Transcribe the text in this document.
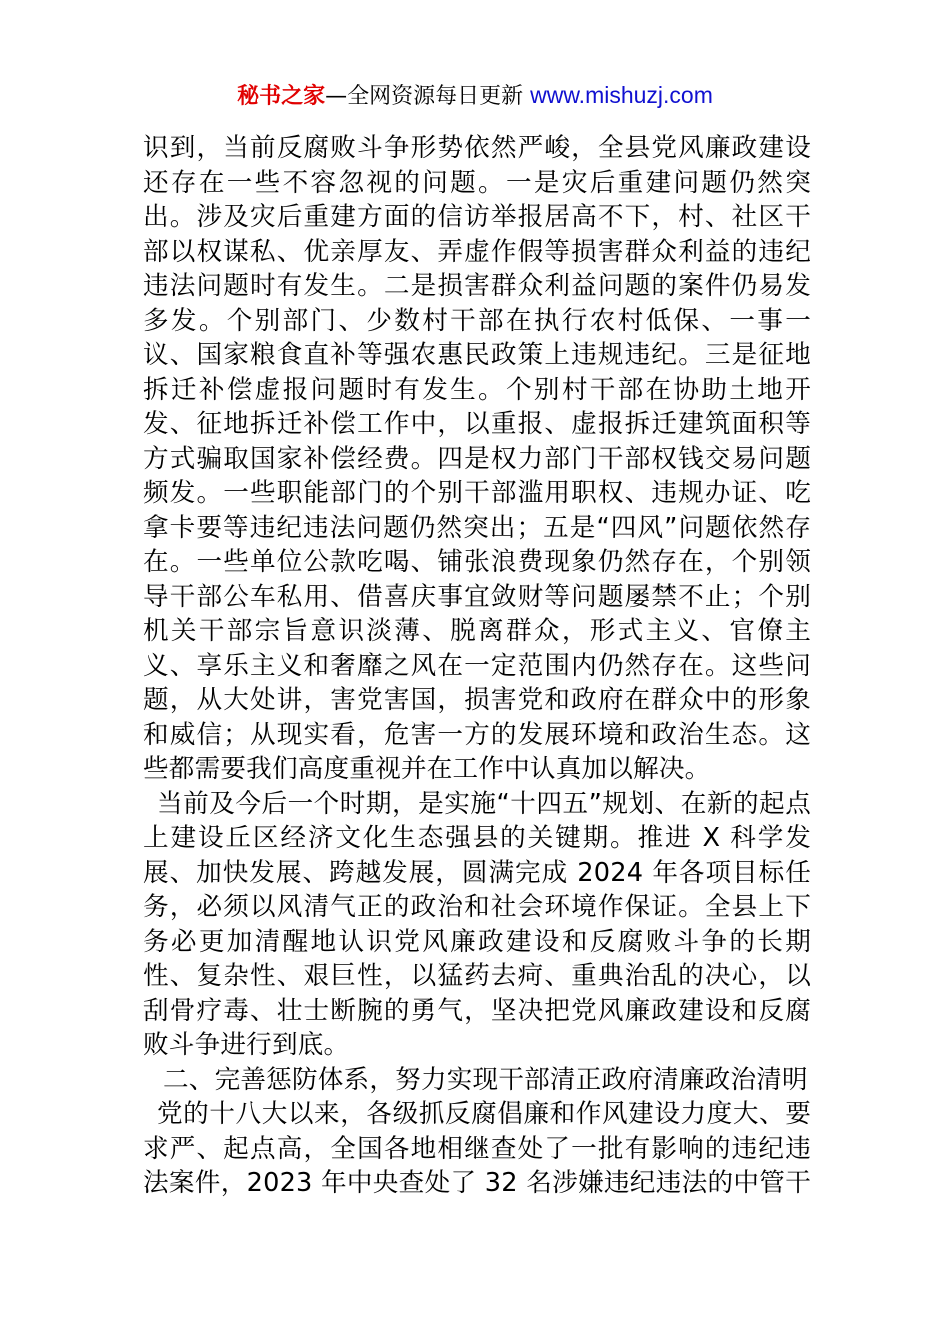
秘书之家—全网资源每日更新 www.mishuzj.com
识到，当前反腐败斗争形势依然严峻，全县党风廉政建设
还存在一些不容忽视的问题。一是灾后重建问题仍然突
出。涉及灾后重建方面的信访举报居高不下，村、社区干
部以权谋私、优亲厚友、弄虚作假等损害群众利益的违纪
违法问题时有发生。二是损害群众利益问题的案件仍易发
多发。个别部门、少数村干部在执行农村低保、一事一
议、国家粮食直补等强农惠民政策上违规违纪。三是征地
拆迁补偿虚报问题时有发生。个别村干部在协助土地开
发、征地拆迁补偿工作中，以重报、虚报拆迁建筑面积等
方式骗取国家补偿经费。四是权力部门干部权钱交易问题
频发。一些职能部门的个别干部滥用职权、违规办证、吃
拿卡要等违纪违法问题仍然突出；五是“四风”问题依然存
在。一些单位公款吃喝、铺张浪费现象仍然存在，个别领
导干部公车私用、借喜庆事宜敛财等问题屡禁不止；个别
机关干部宗旨意识淡薄、脱离群众，形式主义、官僚主
义、享乐主义和奢靡之风在一定范围内仍然存在。这些问
题，从大处讲，害党害国，损害党和政府在群众中的形象
和威信；从现实看，危害一方的发展环境和政治生态。这
些都需要我们高度重视并在工作中认真加以解决。
当前及今后一个时期，是实施“十四五”规划、在新的起点
上建设丘区经济文化生态强县的关键期。推进 X 科学发
展、加快发展、跨越发展，圆满完成 2024 年各项目标任
务，必须以风清气正的政治和社会环境作保证。全县上下
务必更加清醒地认识党风廉政建设和反腐败斗争的长期
性、复杂性、艰巨性，以猛药去疴、重典治乱的决心，以
刮骨疗毒、壮士断腕的勇气，坚决把党风廉政建设和反腐
败斗争进行到底。
二、完善惩防体系，努力实现干部清正政府清廉政治清明
党的十八大以来，各级抓反腐倡廉和作风建设力度大、要
求严、起点高，全国各地相继查处了一批有影响的违纪违
法案件，2023 年中央查处了 32 名涉嫌违纪违法的中管干
